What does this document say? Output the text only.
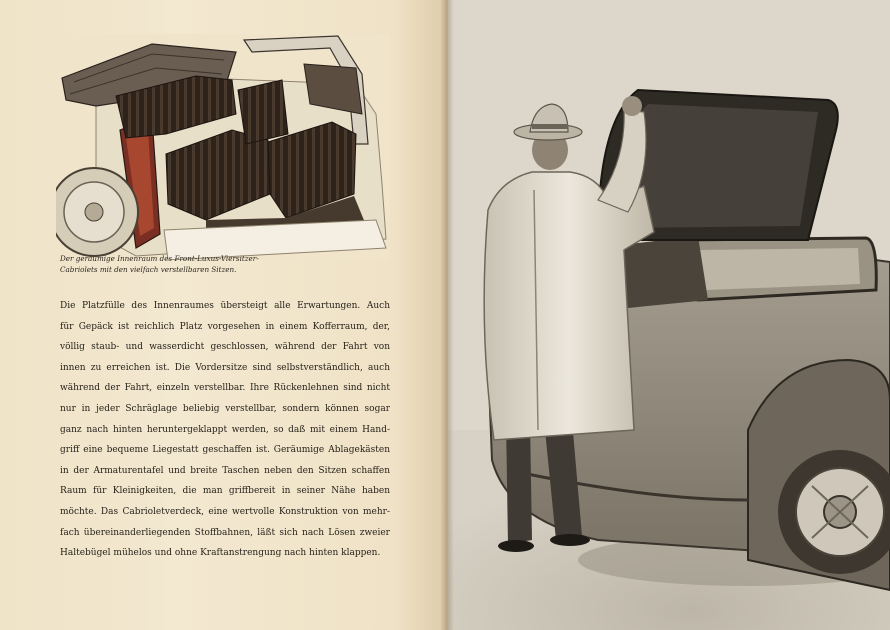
Der geräumige Innenraum des Front-Luxus-Viersitzer-
Cabriolets mit den vielfach verstellbaren Sitzen.
Die Platzfülle des Innenraumes übersteigt alle Erwartungen. Auch
für Gepäck ist reichlich Platz vorgesehen in einem Kofferraum, der,
völlig staub- und wasserdicht geschlossen, während der Fahrt von
innen zu erreichen ist. Die Vordersitze sind selbstverständlich, auch
während der Fahrt, einzeln verstellbar. Ihre Rückenlehnen sind nicht
nur in jeder Schräglage beliebig verstellbar, sondern können sogar
ganz nach hinten heruntergeklappt werden, so daß mit einem Hand-
griff eine bequeme Liegestatt geschaffen ist. Geräumige Ablagekästen
in der Armaturentafel und breite Taschen neben den Sitzen schaffen
Raum für Kleinigkeiten, die man griffbereit in seiner Nähe haben
möchte. Das Cabrioletverdeck, eine wertvolle Konstruktion von mehr-
fach übereinanderliegenden Stoffbahnen, läßt sich nach Lösen zweier
Haltebügel mühelos und ohne Kraftanstrengung nach hinten klappen.
